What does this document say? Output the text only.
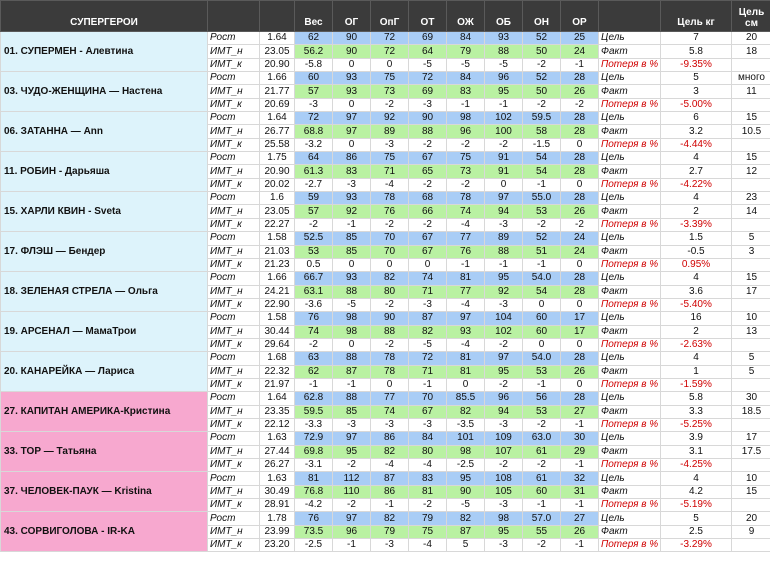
СУПЕРГЕРОИ			Вес	ОГ	ОпГ	ОТ	ОЖ	ОБ	ОН	ОР		Цель кг	Цель см
01. СУПЕРМЕН - Алевтина	Рост	1.64	62	90	72	69	84	93	52	25	Цель	7	20
	ИМТ_н	23.05	56.2	90	72	64	79	88	50	24	Факт	5.8	18
	ИМТ_к	20.90	-5.8	0	0	-5	-5	-5	-2	-1	Потеря в %	-9.35%	
03. ЧУДО-ЖЕНЩИНА — Настена	Рост	1.66	60	93	75	72	84	96	52	28	Цель	5	много
	ИМТ_н	21.77	57	93	73	69	83	95	50	26	Факт	3	11
	ИМТ_к	20.69	-3	0	-2	-3	-1	-1	-2	-2	Потеря в %	-5.00%	
06. ЗАТАННА — Ann	Рост	1.64	72	97	92	90	98	102	59.5	28	Цель	6	15
	ИМТ_н	26.77	68.8	97	89	88	96	100	58	28	Факт	3.2	10.5
	ИМТ_к	25.58	-3.2	0	-3	-2	-2	-2	-1.5	0	Потеря в %	-4.44%	
11. РОБИН - Дарьяша	Рост	1.75	64	86	75	67	75	91	54	28	Цель	4	15
	ИМТ_н	20.90	61.3	83	71	65	73	91	54	28	Факт	2.7	12
	ИМТ_к	20.02	-2.7	-3	-4	-2	-2	0	-1	0	Потеря в %	-4.22%	
15. ХАРЛИ КВИН - Sveta	Рост	1.6	59	93	78	68	78	97	55.0	28	Цель	4	23
	ИМТ_н	23.05	57	92	76	66	74	94	53	26	Факт	2	14
	ИМТ_к	22.27	-2	-1	-2	-2	-4	-3	-2	-2	Потеря в %	-3.39%	
17. ФЛЭШ — Бендер	Рост	1.58	52.5	85	70	67	77	89	52	24	Цель	1.5	5
	ИМТ_н	21.03	53	85	70	67	76	88	51	24	Факт	-0.5	3
	ИМТ_к	21.23	0.5	0	0	0	-1	-1	-1	0	Потеря в %	0.95%	
18. ЗЕЛЕНАЯ СТРЕЛА — Ольга	Рост	1.66	66.7	93	82	74	81	95	54.0	28	Цель	4	15
	ИМТ_н	24.21	63.1	88	80	71	77	92	54	28	Факт	3.6	17
	ИМТ_к	22.90	-3.6	-5	-2	-3	-4	-3	0	0	Потеря в %	-5.40%	
19. АРСЕНАЛ — МамаТрои	Рост	1.58	76	98	90	87	97	104	60	17	Цель	16	10
	ИМТ_н	30.44	74	98	88	82	93	102	60	17	Факт	2	13
	ИМТ_к	29.64	-2	0	-2	-5	-4	-2	0	0	Потеря в %	-2.63%	
20. КАНАРЕЙКА — Лариса	Рост	1.68	63	88	78	72	81	97	54.0	28	Цель	4	5
	ИМТ_н	22.32	62	87	78	71	81	95	53	26	Факт	1	5
	ИМТ_к	21.97	-1	-1	0	-1	0	-2	-1	0	Потеря в %	-1.59%	
27. КАПИТАН АМЕРИКА-Кристина	Рост	1.64	62.8	88	77	70	85.5	96	56	28	Цель	5.8	30
	ИМТ_н	23.35	59.5	85	74	67	82	94	53	27	Факт	3.3	18.5
	ИМТ_к	22.12	-3.3	-3	-3	-3	-3.5	-3	-2	-1	Потеря в %	-5.25%	
33. ТОР — Татьяна	Рост	1.63	72.9	97	86	84	101	109	63.0	30	Цель	3.9	17
	ИМТ_н	27.44	69.8	95	82	80	98	107	61	29	Факт	3.1	17.5
	ИМТ_к	26.27	-3.1	-2	-4	-4	-2.5	-2	-2	-1	Потеря в %	-4.25%	
37. ЧЕЛОВЕК-ПАУК — Kristina	Рост	1.63	81	112	87	83	95	108	61	32	Цель	4	10
	ИМТ_н	30.49	76.8	110	86	81	90	105	60	31	Факт	4.2	15
	ИМТ_к	28.91	-4.2	-2	-1	-2	-5	-3	-1	-1	Потеря в %	-5.19%	
43. СОРВИГОЛОВА - IR-KA	Рост	1.78	76	97	82	79	82	98	57.0	27	Цель	5	20
	ИМТ_н	23.99	73.5	96	79	75	87	95	55	26	Факт	2.5	9
	ИМТ_к	23.20	-2.5	-1	-3	-4	5	-3	-2	-1	Потеря в %	-3.29%	
